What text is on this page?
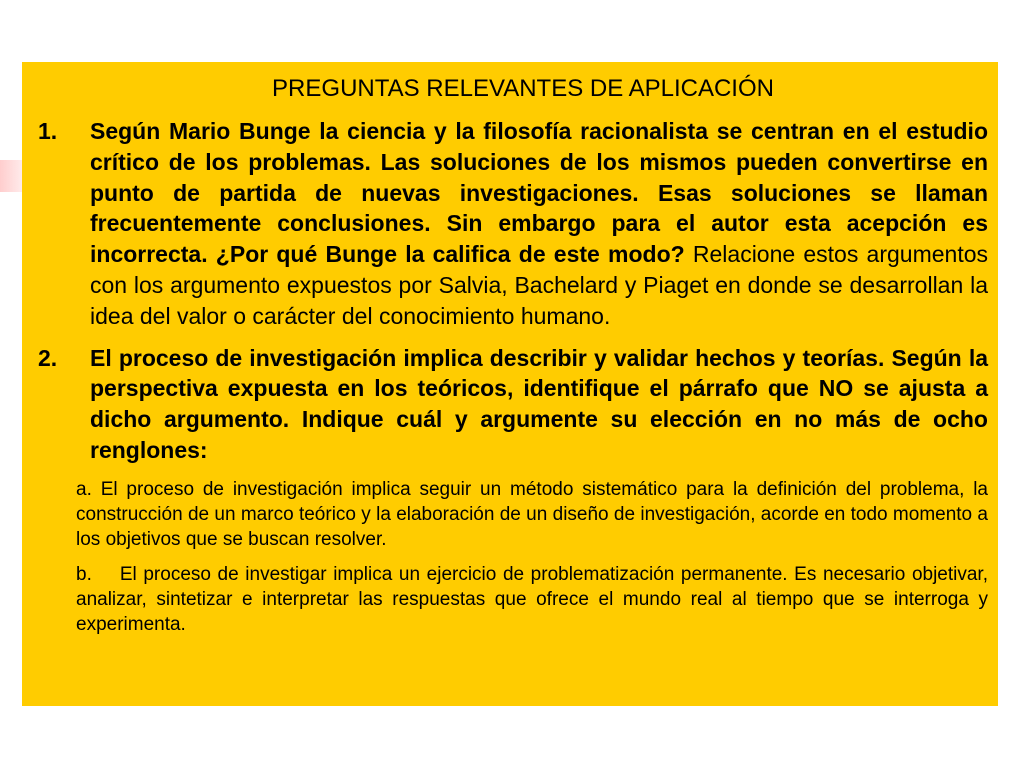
PREGUNTAS RELEVANTES DE APLICACIÓN
1.	Según Mario Bunge la ciencia y la filosofía racionalista se centran en el estudio crítico de los problemas. Las soluciones de los mismos pueden convertirse en punto de partida de nuevas investigaciones. Esas soluciones se llaman frecuentemente conclusiones. Sin embargo para el autor esta acepción es incorrecta. ¿Por qué Bunge la califica de este modo? Relacione estos argumentos con los argumento expuestos por Salvia, Bachelard y Piaget en donde se desarrollan la idea del valor o carácter del conocimiento humano.
2.	El proceso de investigación implica describir y validar hechos y teorías. Según la perspectiva expuesta en los teóricos, identifique el párrafo que NO se ajusta a dicho argumento. Indique cuál y argumente su elección en no más de ocho renglones:
a. El proceso de investigación implica seguir un método sistemático para la definición del problema, la construcción de un marco teórico y la elaboración de un diseño de investigación, acorde en todo momento a los objetivos que se buscan resolver.
b. El proceso de investigar implica un ejercicio de problematización permanente. Es necesario objetivar, analizar, sintetizar e interpretar las respuestas que ofrece el mundo real al tiempo que se interroga y experimenta.
